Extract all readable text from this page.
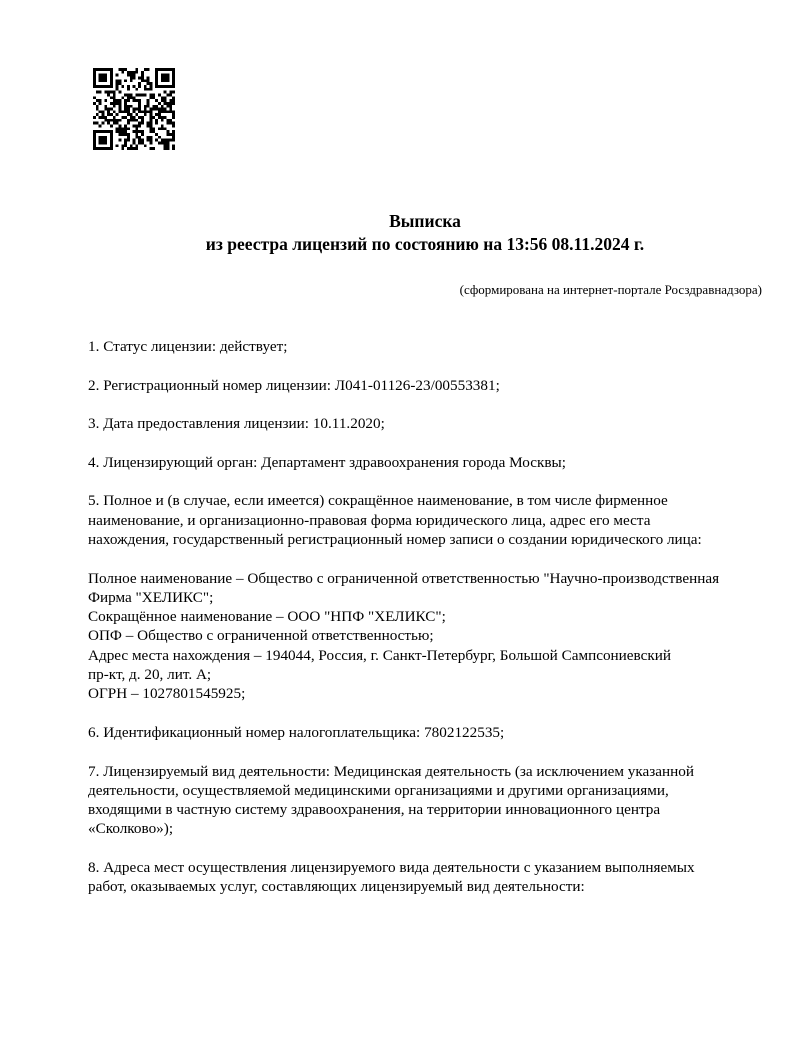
Выписка
из реестра лицензий по состоянию на 13:56 08.11.2024 г.
(сформирована на интернет-портале Росздравнадзора)
1. Статус лицензии: действует;
2. Регистрационный номер лицензии: Л041-01126-23/00553381;
3. Дата предоставления лицензии: 10.11.2020;
4. Лицензирующий орган: Департамент здравоохранения города Москвы;
5. Полное и (в случае, если имеется) сокращённое наименование, в том числе фирменное
наименование, и организационно-правовая форма юридического лица, адрес его места
нахождения, государственный регистрационный номер записи о создании юридического лица:
Полное наименование – Общество с ограниченной ответственностью "Научно-производственная
Фирма "ХЕЛИКС";
Сокращённое наименование – ООО "НПФ "ХЕЛИКС";
ОПФ – Общество с ограниченной ответственностью;
Адрес места нахождения – 194044, Россия, г. Санкт-Петербург, Большой Сампсониевский
пр-кт, д. 20, лит. А;
ОГРН – 1027801545925;
6. Идентификационный номер налогоплательщика: 7802122535;
7. Лицензируемый вид деятельности: Медицинская деятельность (за исключением указанной
деятельности, осуществляемой медицинскими организациями и другими организациями,
входящими в частную систему здравоохранения, на территории инновационного центра
«Сколково»);
8. Адреса мест осуществления лицензируемого вида деятельности с указанием выполняемых
работ, оказываемых услуг, составляющих лицензируемый вид деятельности:
